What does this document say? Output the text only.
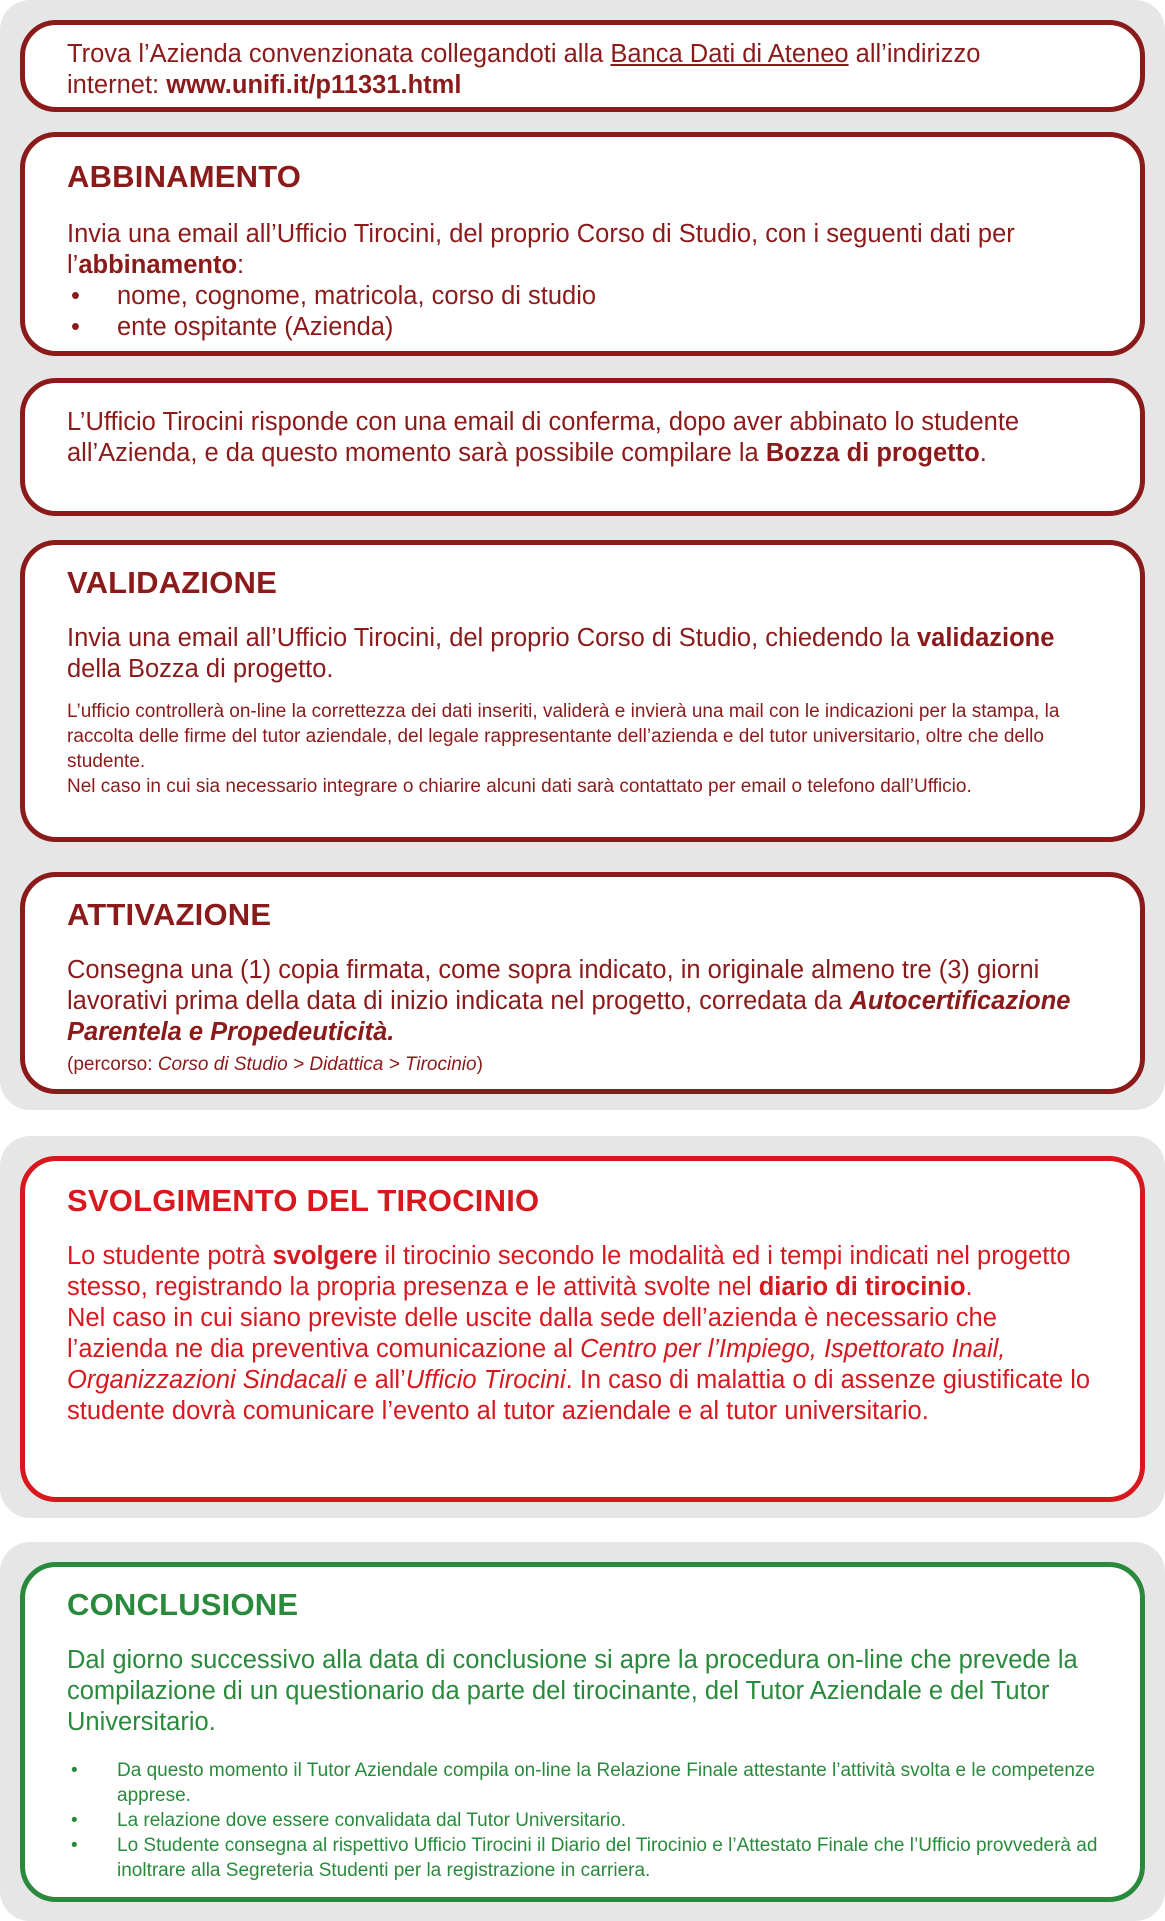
Trova l’Azienda convenzionata collegandoti alla Banca Dati di Ateneo all’indirizzo
internet: www.unifi.it/p11331.html

ABBINAMENTO

Invia una email all’Ufficio Tirocini, del proprio Corso di Studio, con i seguenti dati per l’abbinamento:

• nome, cognome, matricola, corso di studio
• ente ospitante (Azienda)

L’Ufficio Tirocini risponde con una email di conferma, dopo aver abbinato lo studente all’Azienda, e da questo momento sarà possibile compilare la Bozza di progetto.

VALIDAZIONE

Invia una email all’Ufficio Tirocini, del proprio Corso di Studio, chiedendo la validazione della Bozza di progetto.

L’ufficio controllerà on-line la correttezza dei dati inseriti, validerà e invierà una mail con le indicazioni per la stampa, la raccolta delle firme del tutor aziendale, del legale rappresentante dell’azienda e del tutor universitario, oltre che dello studente.

Nel caso in cui sia necessario integrare o chiarire alcuni dati sarà contattato per email o telefono dall’Ufficio.

ATTIVAZIONE

Consegna una (1) copia firmata, come sopra indicato, in originale almeno tre (3) giorni lavorativi prima della data di inizio indicata nel progetto, corredata da Autocertificazione Parentela e Propedeuticità.

(percorso: Corso di Studio > Didattica > Tirocinio)

SVOLGIMENTO DEL TIROCINIO

Lo studente potrà svolgere il tirocinio secondo le modalità ed i tempi indicati nel progetto stesso, registrando la propria presenza e le attività svolte nel diario di tirocinio.

Nel caso in cui siano previste delle uscite dalla sede dell’azienda è necessario che l’azienda ne dia preventiva comunicazione al Centro per l’Impiego, Ispettorato Inail, Organizzazioni Sindacali e all’Ufficio Tirocini. In caso di malattia o di assenze giustificate lo studente dovrà comunicare l’evento al tutor aziendale e al tutor universitario.

CONCLUSIONE

Dal giorno successivo alla data di conclusione si apre la procedura on-line che prevede la compilazione di un questionario da parte del tirocinante, del Tutor Aziendale e del Tutor Universitario.

• Da questo momento il Tutor Aziendale compila on-line la Relazione Finale attestante l’attività svolta e le competenze apprese.
• La relazione dove essere convalidata dal Tutor Universitario.
• Lo Studente consegna al rispettivo Ufficio Tirocini il Diario del Tirocinio e l’Attestato Finale che l’Ufficio provvederà ad inoltrare alla Segreteria Studenti per la registrazione in carriera.
